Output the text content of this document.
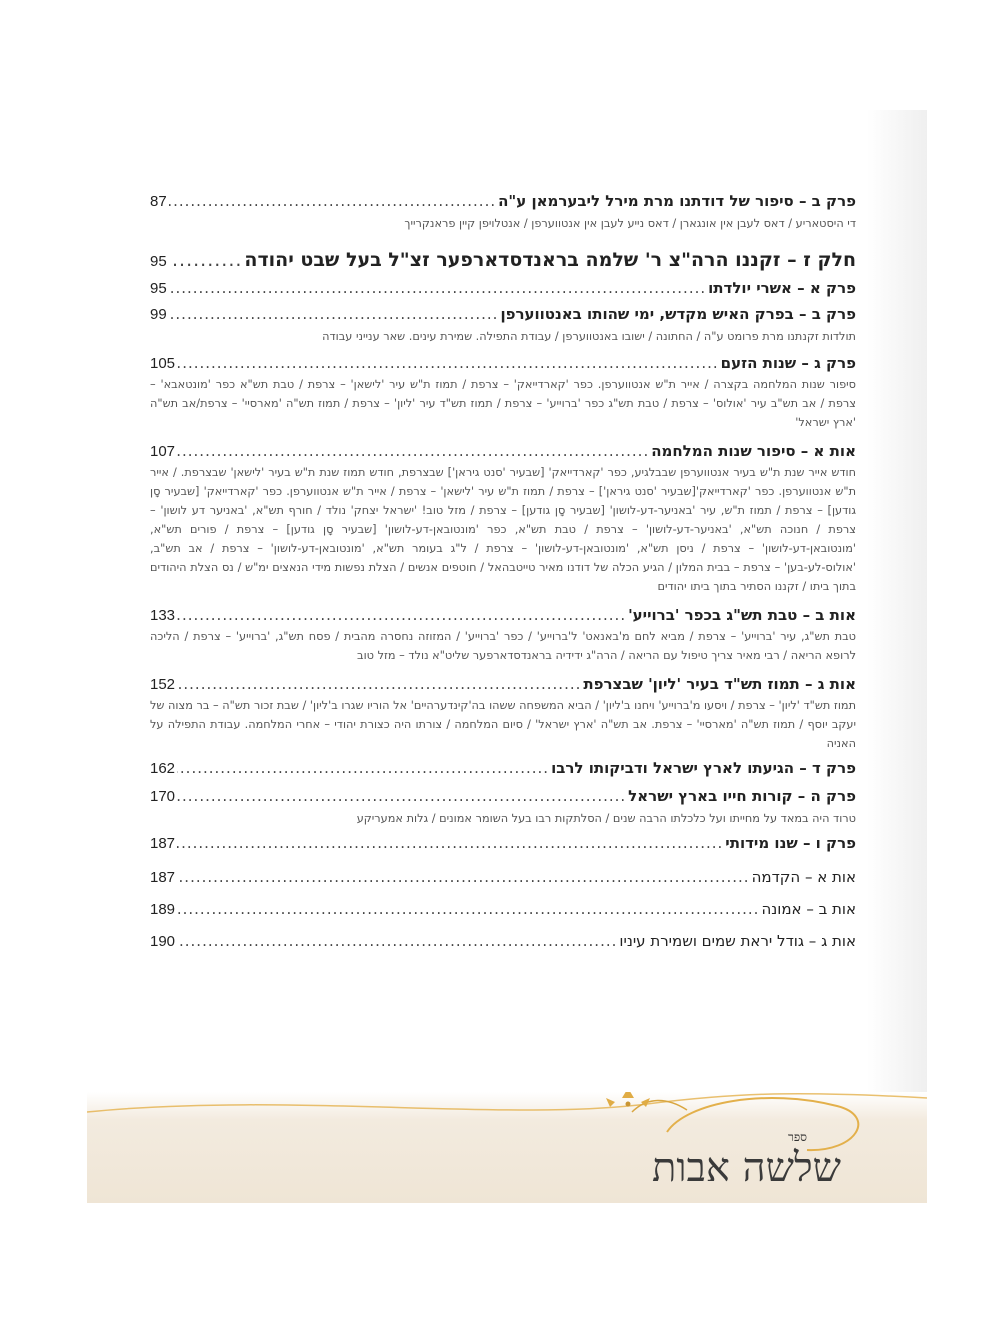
פרק ב – סיפור של דודתנו מרת מירל ליבערמאן ע"ה
.....
87
די היסטאריע / דאס לעבן אין אונגארן / דאס נייע לעבן אין אנטווערפן / אנטלויפן קיין פראנקרייך
חלק ז – זקננו הרה"צ ר' שלמה בראנדסדארפער זצ"ל בעל שבט יהודה
.....
95
פרק א – אשרי יולדתו
.....
95
פרק ב – בפרק האיש מקדש, ימי שהותו באנטווערפן
.....
99
תולדות זקנתנו מרת פרומט ע"ה / החתונה / ישובו באנטווערפן / עבודת התפילה. שמירת עינים. שאר ענייני עבודה
פרק ג – שנות הזעם
.....
105
סיפור שנות המלחמה בקצרה / אייר ת"ש אנטווערפן. כפר 'קארדייאק' – צרפת / תמוז ת"ש עיר 'לישאן' – צרפת / טבת תש"א כפר 'מונטאבא' – צרפת / אב תש"ב עיר 'אולוס' – צרפת / טבת תש"ג כפר 'ברוייע' – צרפת / תמוז תש"ד עיר 'ליון' – צרפת / תמוז תש"ה 'מארסיי' – צרפת/אב תש"ה 'ארץ ישראל'
אות א – סיפור שנות המלחמה
.....
107
חודש אייר שנת ת"ש בעיר אנטווערפן שבבלגיע, כפר 'קארדייאק' [שבעיר 'סנט גיראן'] שבצרפת, חודש תמוז שנת ת"ש בעיר 'לישאן' שבצרפת. / אייר ת"ש אנטווערפן. כפר 'קארדייאק'[שבעיר 'סנט גיראן'] – צרפת / תמוז ת"ש עיר 'לישאן' – צרפת / אייר ת"ש אנטווערפן. כפר 'קארדייאק' [שבעיר סָן גודען] – צרפת / תמוז ת"ש, עיר 'באניער-דע-לושון' [שבעיר סָן גודען] – צרפת / מזל טוב! 'ישראל יצחק' נולד / חורף תש"א, 'באניער דע לושון' – צרפת / חנוכה תש"א, 'באניער-דע-לושון' – צרפת / טבת תש"א, כפר 'מונטובאן-דע-לושון' [שבעיר סָן גודען] – צרפת / פורים תש"א, 'מונטובאן-דע-לושון' – צרפת / ניסן תש"א, 'מונטובאן-דע-לושון' – צרפת / ל"ג בעומר תש"א, 'מונטובאן-דע-לושון' – צרפת / אב תש"ב, 'אולוס-לע-בען' – צרפת – בבית המלון / הגיע הכלה של דודנו מאיר טייטבהאל / חוטפים אנשים / הצלת נפשות מידי הנאצים ימ"ש / נס הצלת היהודים בתוך ביתו / זקננו הסתיר בתוך ביתו יהודים
אות ב – טבת תש"ג בכפר 'ברוייע'
.....
133
טבת תש"ג, עיר 'ברוייע' – צרפת / מביא לחם מ'באנאט' ל'ברוייע' / כפר 'ברוייע' / המזוזה נחסרה מהבית / פסח תש"ג, 'ברוייע' – צרפת / הליכה לרופא הריאה / רבי מאיר צריך טיפול עם הריאה / הרה"ג ידידיה בראנדסדארפער שליט"א נולד – מזל טוב
אות ג – תמוז תש"ד בעיר 'ליון' שבצרפת
.....
152
תמוז תש"ד 'ליון' – צרפת / ויסעו מ'ברוייע' ויחנו ב'ליון' / הביא המשפחה ששהו בה'קינדערהיים' אל הוריו שגרו ב'ליון' / שבת זכור תש"ה – בר מצוה של יעקב יוסף / תמוז תש"ה 'מארסיי' – צרפת. אב תש"ה 'ארץ ישראל' / סיום המלחמה / צורתו היה כצורת יהודי – אחרי המלחמה. עבודת התפילה על האניה
פרק ד – הגיעתו לארץ ישראל ודביקותו לרבו
.....
162
פרק ה – קורות חייו בארץ ישראל
.....
170
טרוד היה במאד על מחייתו ועל כלכלתו הרבה שנים / הסלתקות רבו בעל השומר אמונים / גלות אמעריקע
פרק ו – שנו מידותי
.....
187
אות א – הקדמה
.....
187
אות ב – אמונה
.....
189
אות ג – גודל יראת שמים ושמירת עיניו
.....
190
ספר
שלשה אבות
